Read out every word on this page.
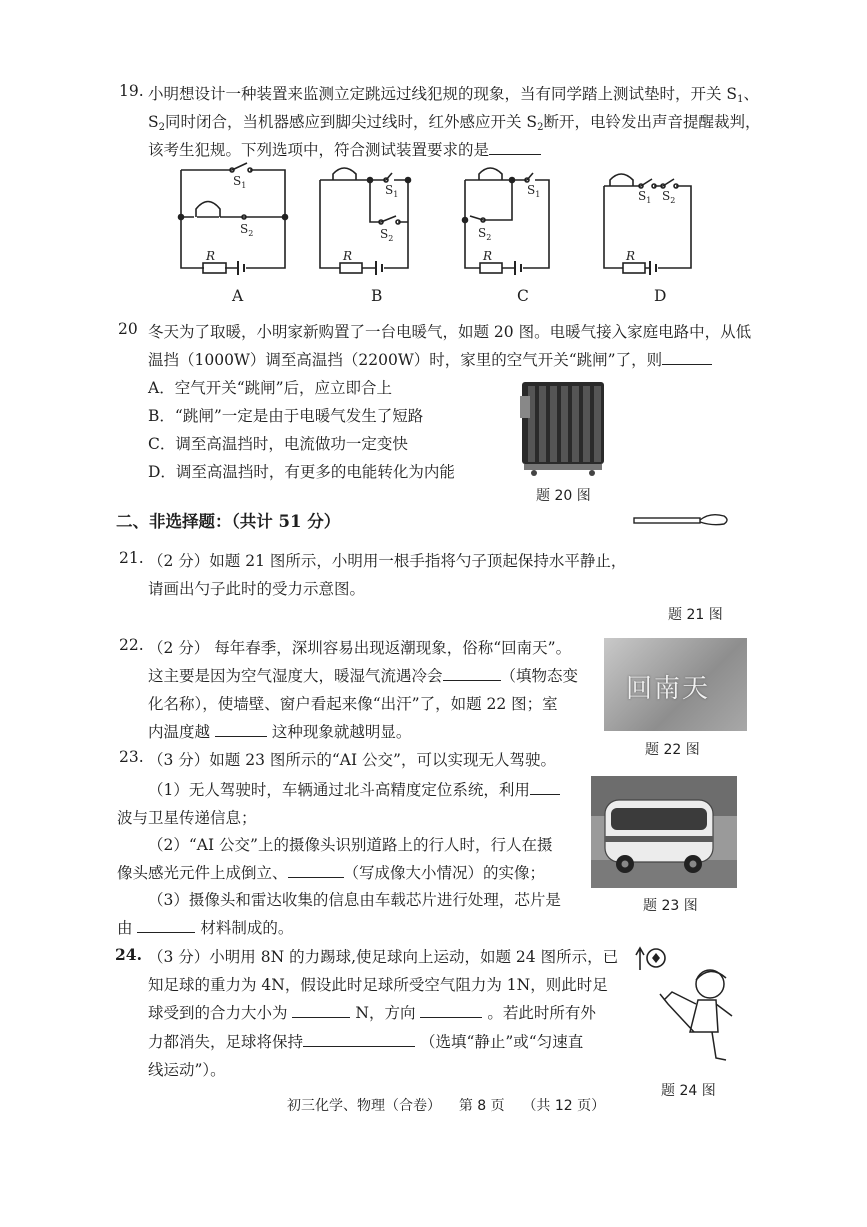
19. 小明想设计一种装置来监测立定跳远过线犯规的现象，当有同学踏上测试垫时，开关 S1、
S2同时闭合，当机器感应到脚尖过线时，红外感应开关 S2断开，电铃发出声音提醒裁判，
该考生犯规。下列选项中，符合测试装置要求的是
$S_1$
$S_2$
R
$S_1$
$S_2$
R
$S_1$
$S_2$
R
$S_1$ $S_2$
R
A	B	C	D
20 冬天为了取暖，小明家新购置了一台电暖气，如题 20 图。电暖气接入家庭电路中，从低
温挡（1000W）调至高温挡（2200W）时，家里的空气开关“跳闸”了，则
A．空气开关“跳闸”后，应立即合上
B．“跳闸”一定是由于电暖气发生了短路
C．调至高温挡时，电流做功一定变快
D．调至高温挡时，有更多的电能转化为内能
题 20 图
二、非选择题：（共计 51 分）
21. （2 分）如题 21 图所示，小明用一根手指将勺子顶起保持水平静止，
请画出勺子此时的受力示意图。
题 21 图
22. （2 分） 每年春季，深圳容易出现返潮现象，俗称“回南天”。
这主要是因为空气湿度大，暖湿气流遇冷会	（填物态变
化名称），使墙壁、窗户看起来像“出汗”了，如题 22 图；室
内温度越	这种现象就越明显。
回南天
题 22 图
23. （3 分）如题 23 图所示的“AI 公交”，可以实现无人驾驶。
（1）无人驾驶时，车辆通过北斗高精度定位系统，利用
波与卫星传递信息；
（2）“AI 公交”上的摄像头识别道路上的行人时，行人在摄
像头感光元件上成倒立、	（写成像大小情况）的实像；
（3）摄像头和雷达收集的信息由车载芯片进行处理，芯片是
由	材料制成的。
题 23 图
24. （3 分）小明用 8N 的力踢球,使足球向上运动，如题 24 图所示，已
知足球的重力为 4N，假设此时足球所受空气阻力为 1N，则此时足
球受到的合力大小为	N，方向	。若此时所有外
力都消失，足球将保持	（选填“静止”或“匀速直
线运动”）。
题 24 图
初三化学、物理（合卷） 第 8 页 （共 12 页）
